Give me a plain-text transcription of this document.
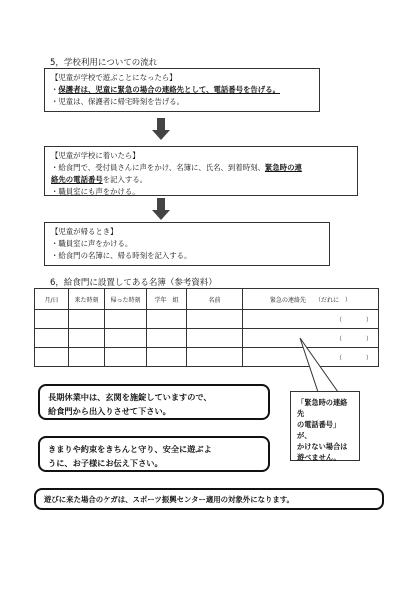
5，学校利用についての流れ
【児童が学校で遊ぶことになったら】
・保護者は、児童に緊急の場合の連絡先として、電話番号を告げる。
・児童は、保護者に帰宅時刻を告げる。
【児童が学校に着いたら】
・給食門で、受付員さんに声をかけ、名簿に、氏名、到着時刻、緊急時の連
絡先の電話番号を記入する。
・職員室にも声をかける。
【児童が帰るとき】
・職員室に声をかける。
・給食門の名簿に、帰る時刻を記入する。
6，給食門に設置してある名簿（参考資料）
月/日	来た時刻	帰った時刻	学年　組	名前	緊急の連絡先　　（だれに　）
					（　　　　）
					（　　　　）
					（　　　　）
「緊急時の連絡先
の電話番号」が、
かけない場合は
遊べません。
長期休業中は、玄関を施錠していますので、
給食門から出入りさせて下さい。
きまりや約束をきちんと守り、安全に遊ぶよ
うに、お子様にお伝え下さい。
遊びに来た場合のケガは、スポーツ振興センター適用の対象外になります。
